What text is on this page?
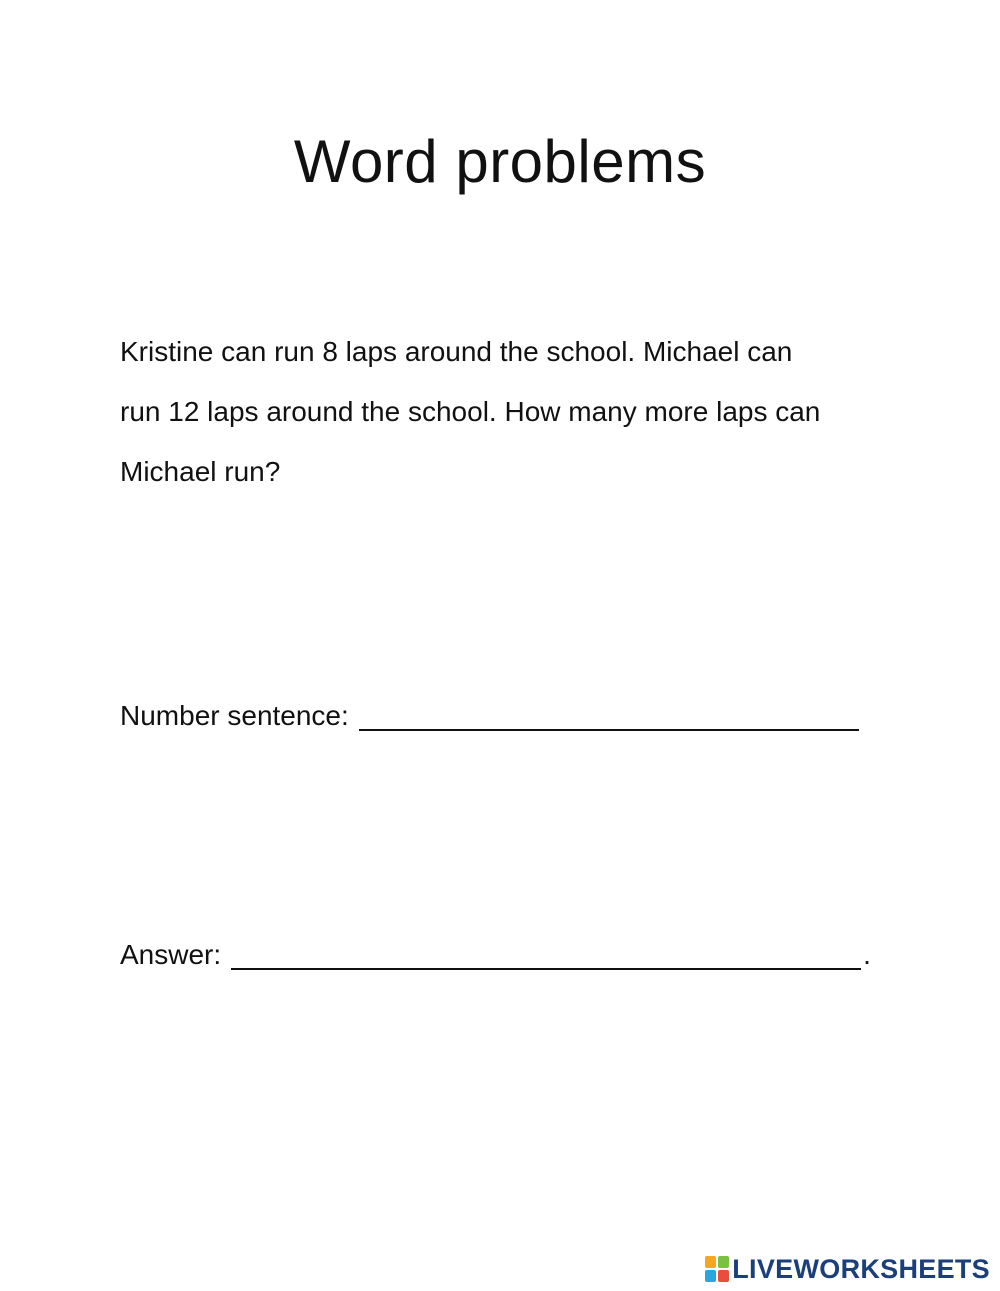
Word problems

Kristine can run 8 laps around the school. Michael can
run 12 laps around the school. How many more laps can
Michael run?

Number sentence:
Answer:	.
LIVEWORKSHEETS
